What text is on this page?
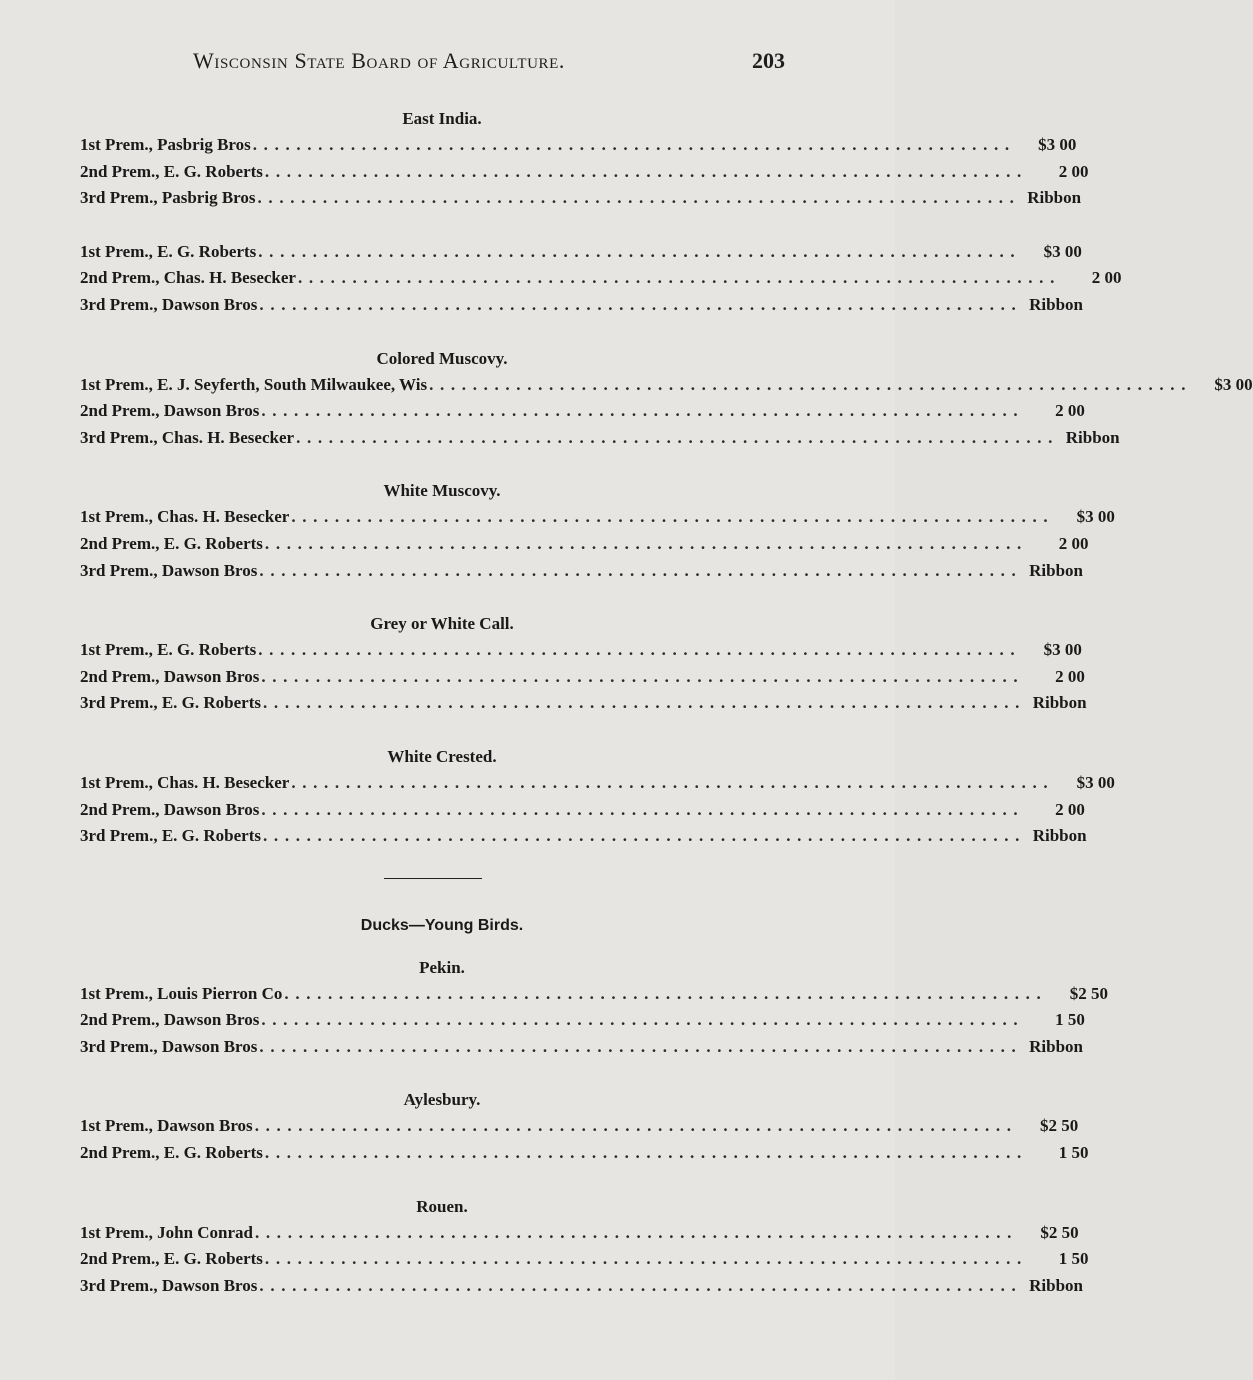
Wisconsin State Board of Agriculture.	203
East India.
1st Prem. , Pasbrig Bros . . . . . . . . . . . . . . . . . . . . . . . . . . . . . . . . . . . . . . . . . . . . . . . . . . . . . . . . . . . . . . . . . . . . . .	$3 00
2nd Prem. , E. G. Roberts . . . . . . . . . . . . . . . . . . . . . . . . . . . . . . . . . . . . . . . . . . . . . . . . . . . . . . . . . . . . . . . . . . . . . .	2 00
3rd Prem. , Pasbrig Bros . . . . . . . . . . . . . . . . . . . . . . . . . . . . . . . . . . . . . . . . . . . . . . . . . . . . . . . . . . . . . . . . . . . . . . Ribbon
1st Prem. , E. G. Roberts . . . . . . . . . . . . . . . . . . . . . . . . . . . . . . . . . . . . . . . . . . . . . . . . . . . . . . . . . . . . . . . . . . . . . .	$3 00
2nd Prem. , Chas. H. Besecker . . . . . . . . . . . . . . . . . . . . . . . . . . . . . . . . . . . . . . . . . . . . . . . . . . . . . . . . . . . . . . . . . . . . . .	2 00
3rd Prem. , Dawson Bros . . . . . . . . . . . . . . . . . . . . . . . . . . . . . . . . . . . . . . . . . . . . . . . . . . . . . . . . . . . . . . . . . . . . . . Ribbon
Colored Muscovy.
1st Prem. , E. J. Seyferth, South Milwaukee, Wis . . . . . . . . . . . . . . . . . . . . . . . . . . . . . . . . . . . . . . . . . . . . . . . . . . . . . . . . . . . . . . . . . . . . . .	$3 00
2nd Prem. , Dawson Bros . . . . . . . . . . . . . . . . . . . . . . . . . . . . . . . . . . . . . . . . . . . . . . . . . . . . . . . . . . . . . . . . . . . . . .	2 00
3rd Prem. , Chas. H. Besecker . . . . . . . . . . . . . . . . . . . . . . . . . . . . . . . . . . . . . . . . . . . . . . . . . . . . . . . . . . . . . . . . . . . . . . Ribbon
White Muscovy.
1st Prem. , Chas. H. Besecker . . . . . . . . . . . . . . . . . . . . . . . . . . . . . . . . . . . . . . . . . . . . . . . . . . . . . . . . . . . . . . . . . . . . . .	$3 00
2nd Prem. , E. G. Roberts . . . . . . . . . . . . . . . . . . . . . . . . . . . . . . . . . . . . . . . . . . . . . . . . . . . . . . . . . . . . . . . . . . . . . .	2 00
3rd Prem. , Dawson Bros . . . . . . . . . . . . . . . . . . . . . . . . . . . . . . . . . . . . . . . . . . . . . . . . . . . . . . . . . . . . . . . . . . . . . . Ribbon
Grey or White Call.
1st Prem. , E. G. Roberts . . . . . . . . . . . . . . . . . . . . . . . . . . . . . . . . . . . . . . . . . . . . . . . . . . . . . . . . . . . . . . . . . . . . . .	$3 00
2nd Prem. , Dawson Bros . . . . . . . . . . . . . . . . . . . . . . . . . . . . . . . . . . . . . . . . . . . . . . . . . . . . . . . . . . . . . . . . . . . . . .	2 00
3rd Prem. , E. G. Roberts . . . . . . . . . . . . . . . . . . . . . . . . . . . . . . . . . . . . . . . . . . . . . . . . . . . . . . . . . . . . . . . . . . . . . . Ribbon
White Crested.
1st Prem. , Chas. H. Besecker . . . . . . . . . . . . . . . . . . . . . . . . . . . . . . . . . . . . . . . . . . . . . . . . . . . . . . . . . . . . . . . . . . . . . .	$3 00
2nd Prem. , Dawson Bros . . . . . . . . . . . . . . . . . . . . . . . . . . . . . . . . . . . . . . . . . . . . . . . . . . . . . . . . . . . . . . . . . . . . . .	2 00
3rd Prem. , E. G. Roberts . . . . . . . . . . . . . . . . . . . . . . . . . . . . . . . . . . . . . . . . . . . . . . . . . . . . . . . . . . . . . . . . . . . . . . Ribbon
Ducks—Young Birds.
Pekin.
1st Prem. , Louis Pierron Co . . . . . . . . . . . . . . . . . . . . . . . . . . . . . . . . . . . . . . . . . . . . . . . . . . . . . . . . . . . . . . . . . . . . . .	$2 50
2nd Prem. , Dawson Bros . . . . . . . . . . . . . . . . . . . . . . . . . . . . . . . . . . . . . . . . . . . . . . . . . . . . . . . . . . . . . . . . . . . . . .	1 50
3rd Prem. , Dawson Bros . . . . . . . . . . . . . . . . . . . . . . . . . . . . . . . . . . . . . . . . . . . . . . . . . . . . . . . . . . . . . . . . . . . . . . Ribbon
Aylesbury.
1st Prem. , Dawson Bros . . . . . . . . . . . . . . . . . . . . . . . . . . . . . . . . . . . . . . . . . . . . . . . . . . . . . . . . . . . . . . . . . . . . . .	$2 50
2nd Prem. , E. G. Roberts . . . . . . . . . . . . . . . . . . . . . . . . . . . . . . . . . . . . . . . . . . . . . . . . . . . . . . . . . . . . . . . . . . . . . .	1 50
Rouen.
1st Prem. , John Conrad . . . . . . . . . . . . . . . . . . . . . . . . . . . . . . . . . . . . . . . . . . . . . . . . . . . . . . . . . . . . . . . . . . . . . .	$2 50
2nd Prem. , E. G. Roberts . . . . . . . . . . . . . . . . . . . . . . . . . . . . . . . . . . . . . . . . . . . . . . . . . . . . . . . . . . . . . . . . . . . . . .	1 50
3rd Prem. , Dawson Bros . . . . . . . . . . . . . . . . . . . . . . . . . . . . . . . . . . . . . . . . . . . . . . . . . . . . . . . . . . . . . . . . . . . . . . Ribbon
